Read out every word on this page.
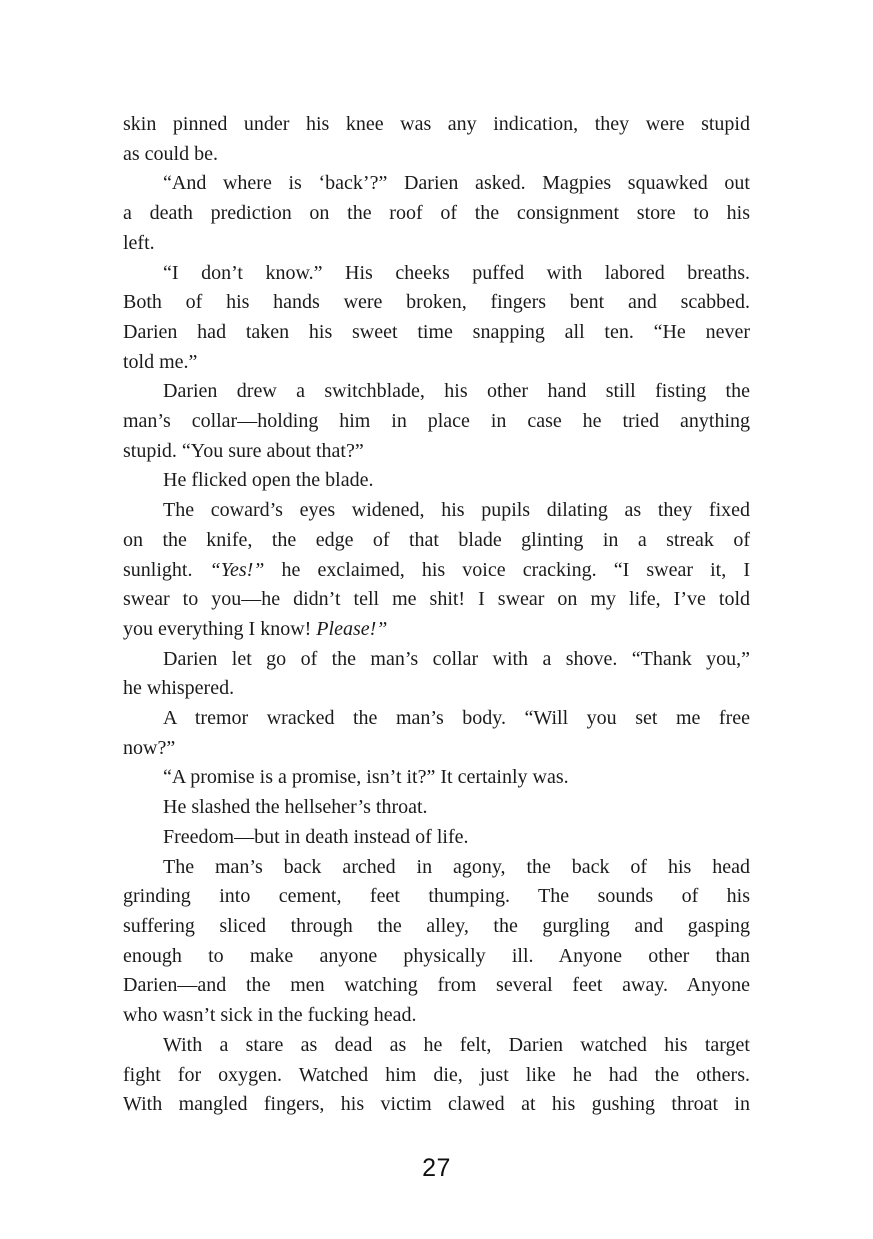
skin pinned under his knee was any indication, they were stupid
as could be.
“And where is ‘back’?” Darien asked. Magpies squawked out
a death prediction on the roof of the consignment store to his
left.
“I don’t know.” His cheeks puffed with labored breaths.
Both of his hands were broken, fingers bent and scabbed.
Darien had taken his sweet time snapping all ten. “He never
told me.”
Darien drew a switchblade, his other hand still fisting the
man’s collar—holding him in place in case he tried anything
stupid. “You sure about that?”
He flicked open the blade.
The coward’s eyes widened, his pupils dilating as they fixed
on the knife, the edge of that blade glinting in a streak of
sunlight. “Yes!” he exclaimed, his voice cracking. “I swear it, I
swear to you—he didn’t tell me shit! I swear on my life, I’ve told
you everything I know! Please!”
Darien let go of the man’s collar with a shove. “Thank you,”
he whispered.
A tremor wracked the man’s body. “Will you set me free
now?”
“A promise is a promise, isn’t it?” It certainly was.
He slashed the hellseher’s throat.
Freedom—but in death instead of life.
The man’s back arched in agony, the back of his head
grinding into cement, feet thumping. The sounds of his
suffering sliced through the alley, the gurgling and gasping
enough to make anyone physically ill. Anyone other than
Darien—and the men watching from several feet away. Anyone
who wasn’t sick in the fucking head.
With a stare as dead as he felt, Darien watched his target
fight for oxygen. Watched him die, just like he had the others.
With mangled fingers, his victim clawed at his gushing throat in
27
